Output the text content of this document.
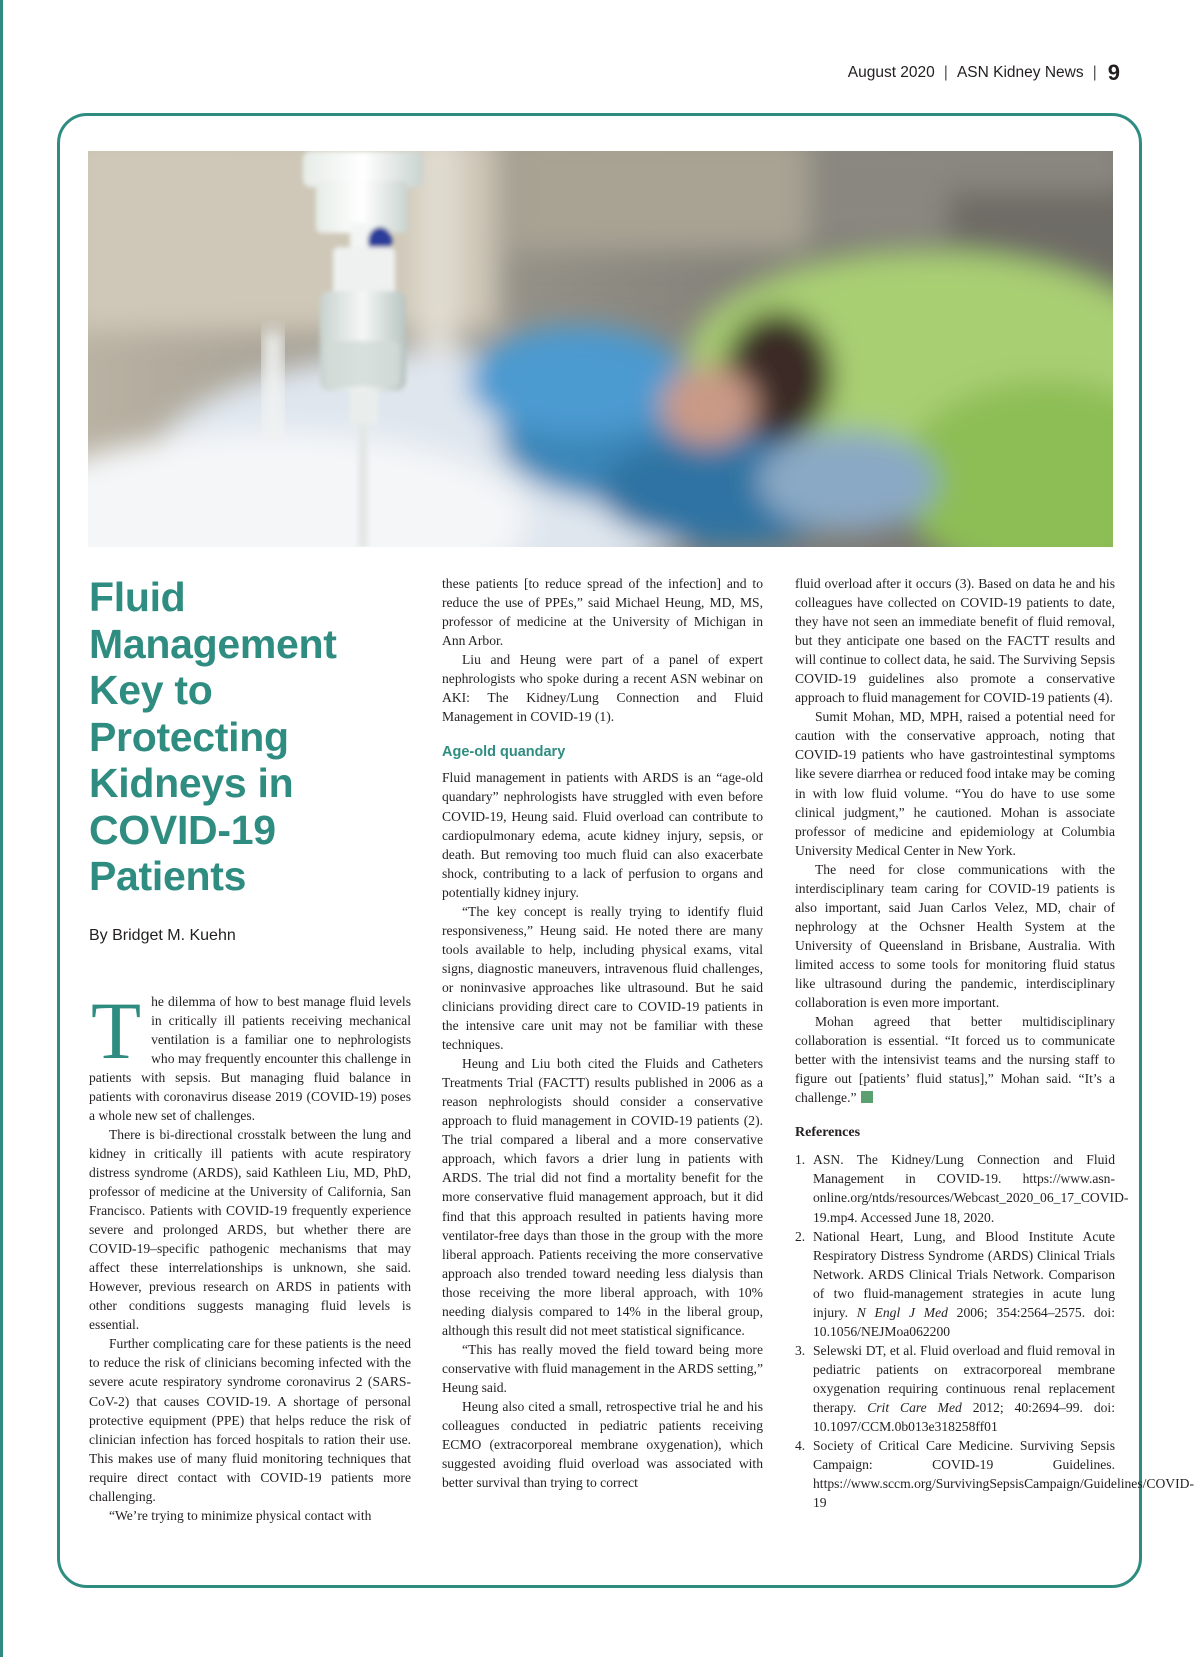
August 2020 | ASN Kidney News | 9
Fluid Management Key to Protecting Kidneys in COVID-19 Patients
By Bridget M. Kuehn

The dilemma of how to best manage fluid levels in critically ill patients receiving mechanical ventilation is a familiar one to nephrologists who may frequently encounter this challenge in patients with sepsis. But managing fluid balance in patients with coronavirus disease 2019 (COVID-19) poses a whole new set of challenges.

There is bi-directional crosstalk between the lung and kidney in critically ill patients with acute respiratory distress syndrome (ARDS), said Kathleen Liu, MD, PhD, professor of medicine at the University of California, San Francisco. Patients with COVID-19 frequently experience severe and prolonged ARDS, but whether there are COVID-19–specific pathogenic mechanisms that may affect these interrelationships is unknown, she said. However, previous research on ARDS in patients with other conditions suggests managing fluid levels is essential.

Further complicating care for these patients is the need to reduce the risk of clinicians becoming infected with the severe acute respiratory syndrome coronavirus 2 (SARS-CoV-2) that causes COVID-19. A shortage of personal protective equipment (PPE) that helps reduce the risk of clinician infection has forced hospitals to ration their use. This makes use of many fluid monitoring techniques that require direct contact with COVID-19 patients more challenging.

“We’re trying to minimize physical contact with

these patients [to reduce spread of the infection] and to reduce the use of PPEs,” said Michael Heung, MD, MS, professor of medicine at the University of Michigan in Ann Arbor.

Liu and Heung were part of a panel of expert nephrologists who spoke during a recent ASN webinar on AKI: The Kidney/Lung Connection and Fluid Management in COVID-19 (1).

Age-old quandary

Fluid management in patients with ARDS is an “age-old quandary” nephrologists have struggled with even before COVID-19, Heung said. Fluid overload can contribute to cardiopulmonary edema, acute kidney injury, sepsis, or death. But removing too much fluid can also exacerbate shock, contributing to a lack of perfusion to organs and potentially kidney injury.

“The key concept is really trying to identify fluid responsiveness,” Heung said. He noted there are many tools available to help, including physical exams, vital signs, diagnostic maneuvers, intravenous fluid challenges, or noninvasive approaches like ultrasound. But he said clinicians providing direct care to COVID-19 patients in the intensive care unit may not be familiar with these techniques.

Heung and Liu both cited the Fluids and Catheters Treatments Trial (FACTT) results published in 2006 as a reason nephrologists should consider a conservative approach to fluid management in COVID-19 patients (2). The trial compared a liberal and a more conservative approach, which favors a drier lung in patients with ARDS. The trial did not find a mortality benefit for the more conservative fluid management approach, but it did find that this approach resulted in patients having more ventilator-free days than those in the group with the more liberal approach. Patients receiving the more conservative approach also trended toward needing less dialysis than those receiving the more liberal approach, with 10% needing dialysis compared to 14% in the liberal group, although this result did not meet statistical significance.

“This has really moved the field toward being more conservative with fluid management in the ARDS setting,” Heung said.

Heung also cited a small, retrospective trial he and his colleagues conducted in pediatric patients receiving ECMO (extracorporeal membrane oxygenation), which suggested avoiding fluid overload was associated with better survival than trying to correct

fluid overload after it occurs (3). Based on data he and his colleagues have collected on COVID-19 patients to date, they have not seen an immediate benefit of fluid removal, but they anticipate one based on the FACTT results and will continue to collect data, he said. The Surviving Sepsis COVID-19 guidelines also promote a conservative approach to fluid management for COVID-19 patients (4).

Sumit Mohan, MD, MPH, raised a potential need for caution with the conservative approach, noting that COVID-19 patients who have gastrointestinal symptoms like severe diarrhea or reduced food intake may be coming in with low fluid volume. “You do have to use some clinical judgment,” he cautioned. Mohan is associate professor of medicine and epidemiology at Columbia University Medical Center in New York.

The need for close communications with the interdisciplinary team caring for COVID-19 patients is also important, said Juan Carlos Velez, MD, chair of nephrology at the Ochsner Health System at the University of Queensland in Brisbane, Australia. With limited access to some tools for monitoring fluid status like ultrasound during the pandemic, interdisciplinary collaboration is even more important.

Mohan agreed that better multidisciplinary collaboration is essential. “It forced us to communicate better with the intensivist teams and the nursing staff to figure out [patients’ fluid status],” Mohan said. “It’s a challenge.”

References
1. ASN. The Kidney/Lung Connection and Fluid Management in COVID-19. https://www.asn-online.org/ntds/resources/Webcast_2020_06_17_COVID-19.mp4. Accessed June 18, 2020.
2. National Heart, Lung, and Blood Institute Acute Respiratory Distress Syndrome (ARDS) Clinical Trials Network. ARDS Clinical Trials Network. Comparison of two fluid-management strategies in acute lung injury. N Engl J Med 2006; 354:2564–2575. doi: 10.1056/NEJMoa062200
3. Selewski DT, et al. Fluid overload and fluid removal in pediatric patients on extracorporeal membrane oxygenation requiring continuous renal replacement therapy. Crit Care Med 2012; 40:2694–99. doi: 10.1097/CCM.0b013e318258ff01
4. Society of Critical Care Medicine. Surviving Sepsis Campaign: COVID-19 Guidelines. https://www.sccm.org/SurvivingSepsisCampaign/Guidelines/COVID-19
